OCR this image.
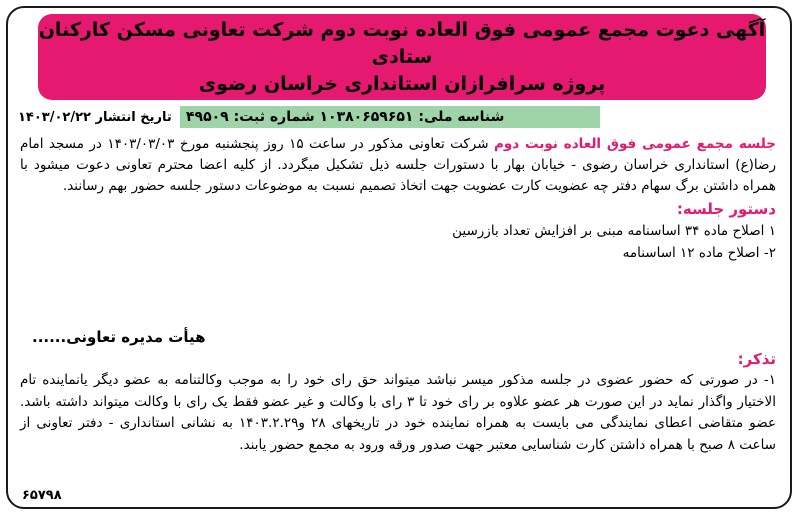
آگهی دعوت مجمع عمومی فوق العاده نوبت دوم شرکت تعاونی مسکن کارکنان ستادی
پروژه سرافرازان استانداری خراسان رضوی
شناسه ملی: ۱۰۳۸۰۶۵۹۶۵۱ شماره ثبت: ۴۹۵۰۹
تاریخ انتشار ۱۴۰۳/۰۲/۲۲
جلسه مجمع عمومی فوق العاده نوبت دوم شرکت تعاونی مذکور در ساعت ۱۵ روز پنجشنبه مورخ ۱۴۰۳/۰۳/۰۳ در مسجد امام رضا(ع) استانداری خراسان رضوی - خیابان بهار با دستورات جلسه ذیل تشکیل میگردد. از کلیه اعضا محترم تعاونی دعوت میشود با همراه داشتن برگ سهام دفتر چه عضویت کارت عضویت جهت اتخاذ تصمیم نسبت به موضوعات دستور جلسه حضور بهم رسانند.
دستور جلسه:
۱ اصلاح ماده ۳۴ اساسنامه مبنی بر افزایش تعداد بازرسین
۲- اصلاح ماده ۱۲ اساسنامه
هیأت مدیره تعاونی......
تذکر:
۱- در صورتی که حضور عضوی در جلسه مذکور میسر نباشد میتواند حق رای خود را به موجب وکالتنامه به عضو دیگر یانماینده تام الاختیار واگذار نماید در این صورت هر عضو علاوه بر رای خود تا ۳ رای با وکالت و غیر عضو فقط یک رای با وکالت میتواند داشته باشد. عضو متقاضی اعطای نمایندگی می بایست به همراه نماینده خود در تاریخهای ۲۸ و۱۴۰۳.۲.۲۹ به نشانی استانداری - دفتر تعاونی از ساعت ۸ صبح با همراه داشتن کارت شناسایی معتبر جهت صدور ورقه ورود به مجمع حضور یابند.
۶۵۷۹۸
